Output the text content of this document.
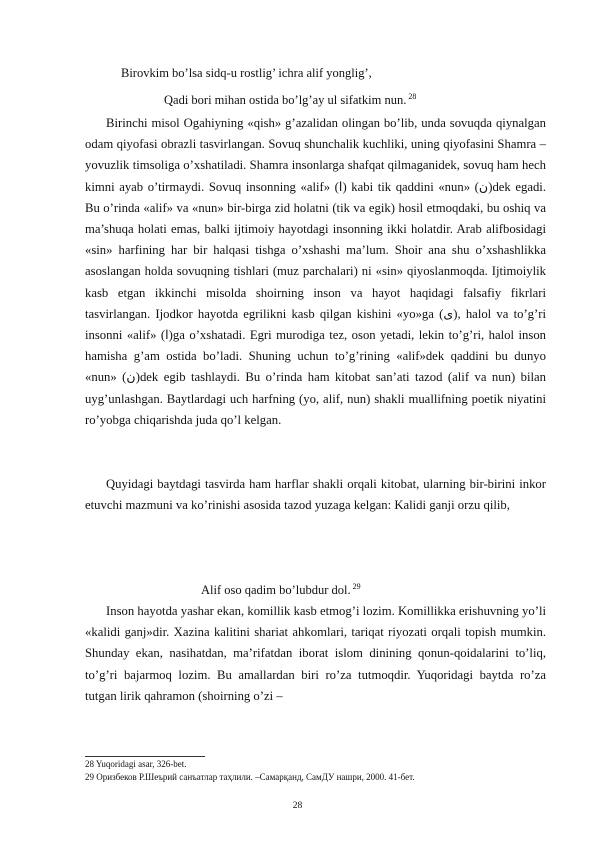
Birovkim bo’lsa sidq-u rostlig’ ichra alif yonglig’,
Qadi bori mihan ostida bo’lg’ay ul sifatkim nun. $^{28}$

Birinchi misol Ogahiyning «qish» g’azalidan olingan bo’lib, unda sovuqda qiynalgan odam qiyofasi obrazli tasvirlangan. Sovuq shunchalik kuchliki, uning qiyofasini Shamra – yovuzlik timsoliga o’xshatiladi. Shamra insonlarga shafqat qilmaganidek, sovuq ham hech kimni ayab o’tirmaydi. Sovuq insonning «alif» (ا) kabi tik qaddini «nun» (ن)dek egadi. Bu o’rinda «alif» va «nun» bir-birga zid holatni (tik va egik) hosil etmoqdaki, bu oshiq va ma’shuqa holati emas, balki ijtimoiy hayotdagi insonning ikki holatdir. Arab alifbosidagi «sin» harfining har bir halqasi tishga o’xshashi ma’lum. Shoir ana shu o’xshashlikka asoslangan holda sovuqning tishlari (muz parchalari) ni «sin» qiyoslanmoqda. Ijtimoiylik kasb etgan ikkinchi misolda shoirning inson va hayot haqidagi falsafiy fikrlari tasvirlangan. Ijodkor hayotda egrilikni kasb qilgan kishini «yo»ga (ى), halol va to’g’ri insonni «alif» (ا)ga o’xshatadi. Egri murodiga tez, oson yetadi, lekin to’g’ri, halol inson hamisha g’am ostida bo’ladi. Shuning uchun to’g’rining «alif»dek qaddini bu dunyo «nun» (ن)dek egib tashlaydi. Bu o’rinda ham kitobat san’ati tazod (alif va nun) bilan uyg’unlashgan. Baytlardagi uch harfning (yo, alif, nun) shakli muallifning poetik niyatini ro’yobga chiqarishda juda qo’l kelgan.

Quyidagi baytdagi tasvirda ham harflar shakli orqali kitobat, ularning bir-birini inkor etuvchi mazmuni va ko’rinishi asosida tazod yuzaga kelgan: Kalidi ganji orzu qilib,

Alif oso qadim bo’lubdur dol. $^{29}$

Inson hayotda yashar ekan, komillik kasb etmog’i lozim. Komillikka erishuvning yo’li «kalidi ganj»dir. Xazina kalitini shariat ahkomlari, tariqat riyozati orqali topish mumkin. Shunday ekan, nasihatdan, ma’rifatdan iborat islom dinining qonun-qoidalarini to’liq, to’g’ri bajarmoq lozim. Bu amallardan biri ro’za tutmoqdir. Yuqoridagi baytda ro’za tutgan lirik qahramon (shoirning o’zi –

28 Yuqoridagi asar, 326-bet.
29 Оризбеков Р.Шеърий санъатлар таҳлили. –Самарқанд, СамДУ нашри, 2000. 41-бет.
28
